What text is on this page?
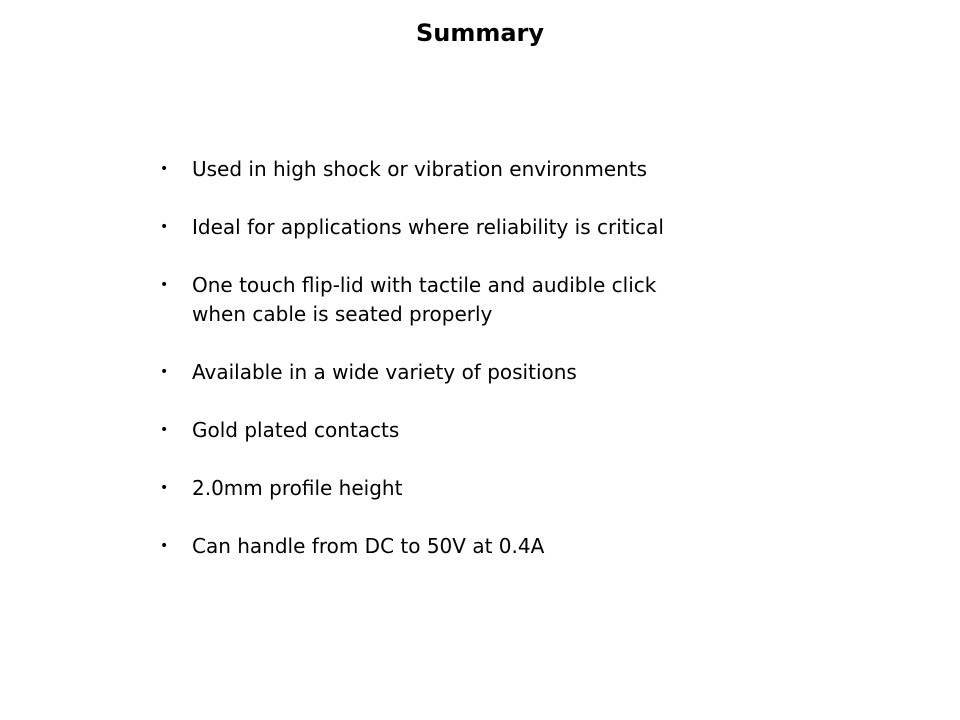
Summary
• Used in high shock or vibration environments
• Ideal for applications where reliability is critical
• One touch flip-lid with tactile and audible click
when cable is seated properly
• Available in a wide variety of positions
• Gold plated contacts
• 2.0mm profile height
• Can handle from DC to 50V at 0.4A
